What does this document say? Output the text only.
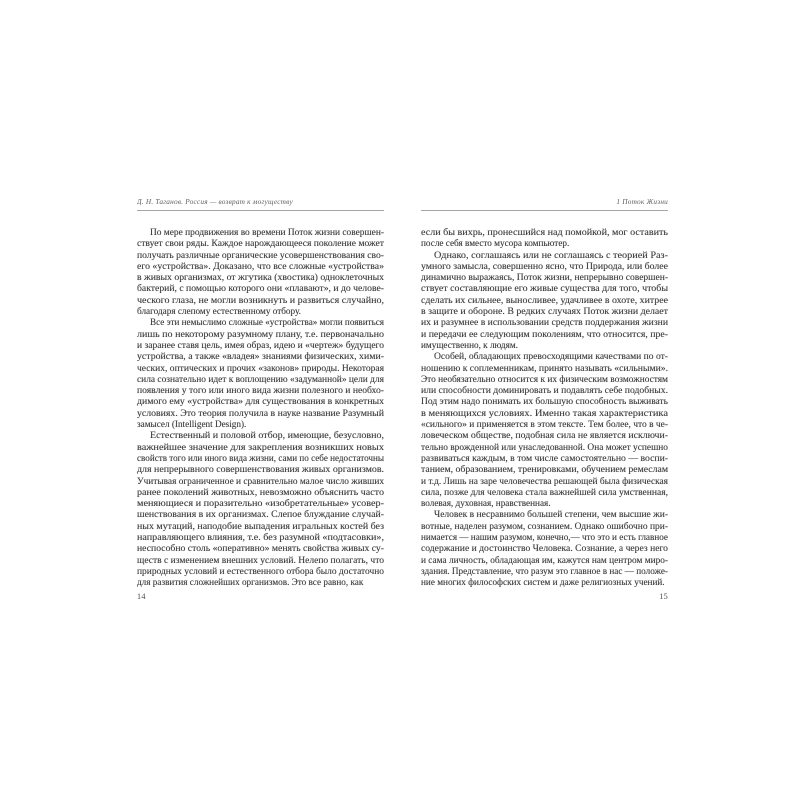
Д. Н. Таганов. Россия — возврат к могуществу
По мере продвижения во времени Поток жизни совершен-
ствует свои ряды. Каждое нарождающееся поколение может
получать различные органические усовершенствования сво-
его «устройства». Доказано, что все сложные «устройства»
в живых организмах, от жгутика (хвостика) одноклеточных
бактерий, с помощью которого они «плавают», и до челове-
ческого глаза, не могли возникнуть и развиться случайно,
благодаря слепому естественному отбору.
Все эти немыслимо сложные «устройства» могли появиться
лишь по некоторому разумному плану, т.е. первоначально
и заранее ставя цель, имея образ, идею и «чертеж» будущего
устройства, а также «владея» знаниями физических, хими-
ческих, оптических и прочих «законов» природы. Некоторая
сила сознательно идет к воплощению «задуманной» цели для
появления у того или иного вида жизни полезного и необхо-
димого ему «устройства» для существования в конкретных
условиях. Это теория получила в науке название Разумный
замысел (Intelligent Design).
Естественный и половой отбор, имеющие, безусловно,
важнейшее значение для закрепления возникших новых
свойств того или иного вида жизни, сами по себе недостаточны
для непрерывного совершенствования живых организмов.
Учитывая ограниченное и сравнительно малое число живших
ранее поколений животных, невозможно объяснить часто
меняющиеся и поразительно «изобретательные» усовер-
шенствования в их организмах. Слепое блуждание случай-
ных мутаций, наподобие выпадения игральных костей без
направляющего влияния, т.е. без разумной «подтасовки»,
неспособно столь «оперативно» менять свойства живых су-
ществ с изменением внешних условий. Нелепо полагать, что
природных условий и естественного отбора было достаточно
для развития сложнейших организмов. Это все равно, как
14
1 Поток Жизни
если бы вихрь, пронесшийся над помойкой, мог оставить
после себя вместо мусора компьютер.
Однако, соглашаясь или не соглашаясь с теорией Раз-
умного замысла, совершенно ясно, что Природа, или более
динамично выражаясь, Поток жизни, непрерывно совершен-
ствует составляющие его живые существа для того, чтобы
сделать их сильнее, выносливее, удачливее в охоте, хитрее
в защите и обороне. В редких случаях Поток жизни делает
их и разумнее в использовании средств поддержания жизни
и передачи ее следующим поколениям, что относится, пре-
имущественно, к людям.
Особей, обладающих превосходящими качествами по от-
ношению к соплеменникам, принято называть «сильными».
Это необязательно относится к их физическим возможностям
или способности доминировать и подавлять себе подобных.
Под этим надо понимать их большую способность выживать
в меняющихся условиях. Именно такая характеристика
«сильного» и применяется в этом тексте. Тем более, что в че-
ловеческом обществе, подобная сила не является исключи-
тельно врожденной или унаследованной. Она может успешно
развиваться каждым, в том числе самостоятельно — воспи-
танием, образованием, тренировками, обучением ремеслам
и т.д. Лишь на заре человечества решающей была физическая
сила, позже для человека стала важнейшей сила умственная,
волевая, духовная, нравственная.
Человек в несравнимо большей степени, чем высшие жи-
вотные, наделен разумом, сознанием. Однако ошибочно при-
нимается — нашим разумом, конечно,— что это и есть главное
содержание и достоинство Человека. Сознание, а через него
и сама личность, обладающая им, кажутся нам центром миро-
здания. Представление, что разум это главное в нас — положе-
ние многих философских систем и даже религиозных учений.
15
